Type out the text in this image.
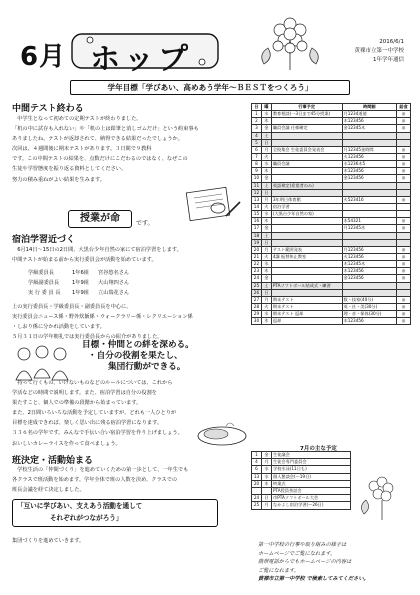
6月 ホップ	2016/6/1
黄裸市立第一中学校
1年学年通信
学年目標「学びあい、高めあう学年～ＢＥＳＴをつくろう」
中間テスト終わる
　中学生となって初めての定期テストが終わりました。
「机の中に試存も入れない」や「机の上は鉛筆と消しゴムだけ」という約束事も
ありましたね。テストが返却されて、納得できる結果だったでしょうか。
次回は、４週間後に期末テストがあります。３日間で９教科
です。この中間テストの結果を、点数だけにこだわるのではなく、なぜこの
生徒や学習態度を振り返る資料としてください。
努力の積み重ねがよい結果を生みます。
授業が命	です。
宿泊学習近づく
　6月14日～15日の2日間、大黒台少年自然の家にて宿泊学習をします。
中間テストが始まる前から実行委員会が活動を始めています。
学級委員長	1年6組 宮谷悠名さん
学級副委員長 1年9組 大山翔四さん
実 行 委 員 長 1年9組 立山瑞花さん
上の実行委員長・学級委員長・副委員長を中心に、
実行委員会ニュース係・野外炊飯係・ウォークラリー係・レクリエーション係
・しおり係に分かれ活動をしています。
５月３１日の学年朝礼では実行委員長からの紹介がありました。
目標・仲間との絆を深める。
・自分の役割を果たし、
集団行動ができる。
　持って行くもの、いけないものなどのルールについては、これから
学活などの時間で説明します。また、宿泊学習は自分の役割を
果たすこと、個人での準備の段階から始まっています。
また、2日間いろいろな活動を予定していますが、どれも一人ひとりが
目標を達成できれば、楽しく思い出に残る宿泊学習になります。
３３６名の学年です。みんなで手伝い合い宿泊学習を作り上げましょう。
おいしいカレーライスを作って食べましょう。
班決定・活動始まる
　学校生活の「仲間づくり」を進めていくための第一歩として、一年生でも
各クラスで班活動を始めます。学年全体で班の人数を決め、クラスでの
班長会議を経て決定しました。
「互いに学びあい、支えあう活動を通して
　　　　　それぞれがつながろう」
集団づくりを進めていきます。
日	曜	行事予定	時間割	給食
1	水	教育相談(一3日まで45分授業)	月1234道徳	◎
2	木		木123456	◎
3	金	職員会議 仕様確定	金12345木	◎
4	土			
5	日			
6	月	全校集会 生徒委員会発表会	月12345金時間	◎
7	火		火123456	◎
8	水	職員会議	水1236木5	◎
9	木		木123456	◎
10	金		金123456	◎
11	土	英語検定(希望者のみ)		
12	日			
13	月	3年明日体育館	火523416	◎
14	火	宿泊学習		
15	水	(大黒台少年自然の家)		
16	木		木54321	◎
17	金		月12345木	◎
18	土			
19	日			
20	月	テスト範囲発表	月123456	◎
21	火	4講 振替休止教室	火123456	◎
22	水		木12345木	◎
23	木		木123456	◎
24	金		金123456	◎
25	土	PTAソフトボール結成式・練習		
26	日			
27	月	期末テスト	数・技家(40分)	◎
28	火	期末テスト	英・社・美(30分)	◎
29	水	期末テスト 返却	理・音・保体(30分)	◎
30	木	返却	木123456	◎
7月の主な予定
1	金	生徒議会
4	月	生徒会専門委員会
6	水	学校水泳(11日も)
13	水	個人懇談会(～19日)
20	木	終業式
		PTA役員茶話会
24	日	市PTAソフトボール大会
25	月	なかよし宿泊学習(～26日)
第一中学校の行事や取り組みの様子は
ホームページでご覧になれます。
携帯電話からでもホームページの内容は
ご覧になれます。
黄裸市立第一中学校 で検索してみてください。
